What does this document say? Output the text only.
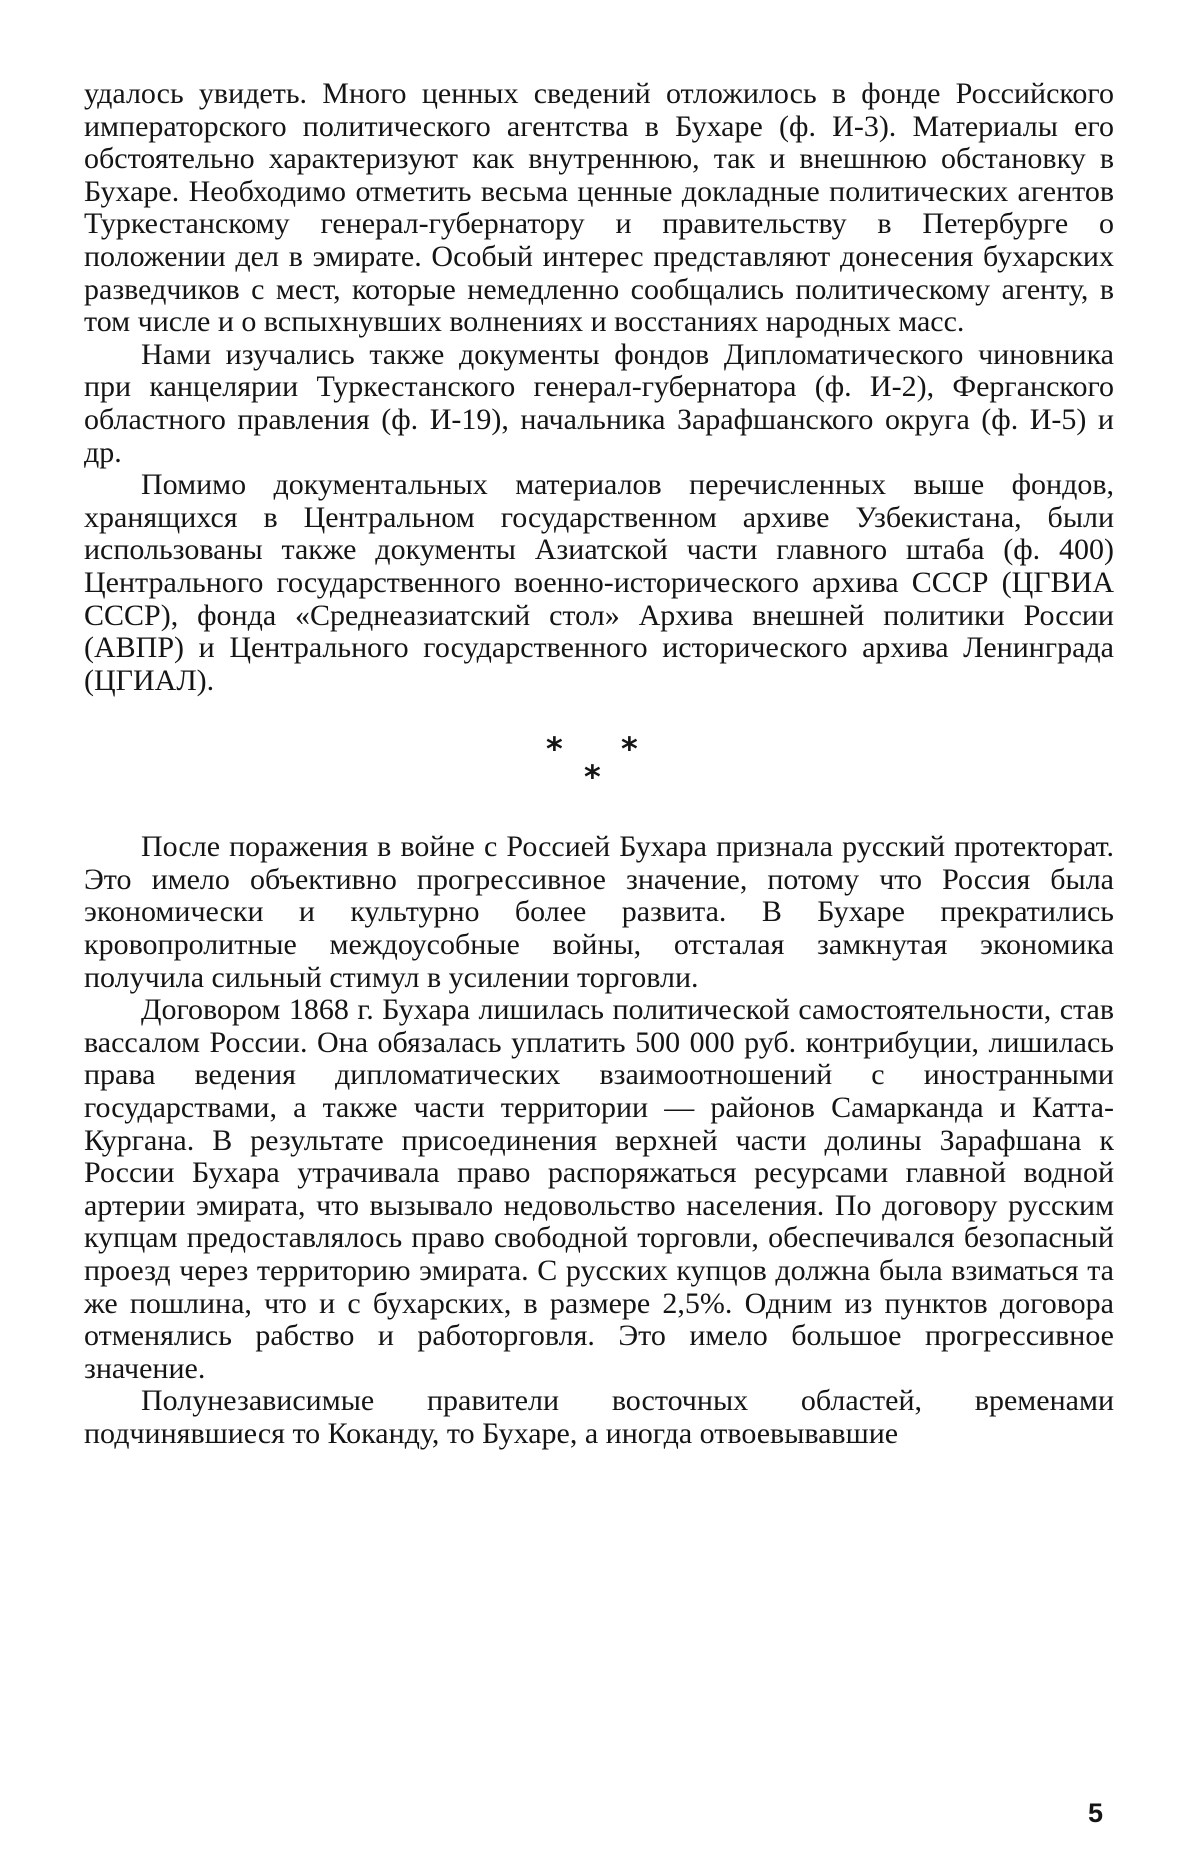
удалось увидеть. Много ценных сведений отложилось в фонде Российского императорского политического агентства в Бухаре (ф. И-3). Материалы его обстоятельно характеризуют как внутреннюю, так и внешнюю обстановку в Бухаре. Необходимо отметить весьма ценные докладные политических агентов Туркестанскому генерал-губернатору и правительству в Петербурге о положении дел в эмирате. Особый интерес представляют донесения бухарских разведчиков с мест, которые немедленно сообщались политическому агенту, в том числе и о вспыхнувших волнениях и восстаниях народных масс.

Нами изучались также документы фондов Дипломатического чиновника при канцелярии Туркестанского генерал-губернатора (ф. И-2), Ферганского областного правления (ф. И-19), начальника Зарафшанского округа (ф. И-5) и др.

Помимо документальных материалов перечисленных выше фондов, хранящихся в Центральном государственном архиве Узбекистана, были использованы также документы Азиатской части главного штаба (ф. 400) Центрального государственного военно-исторического архива СССР (ЦГВИА СССР), фонда «Среднеазиатский стол» Архива внешней политики России (АВПР) и Центрального государственного исторического архива Ленинграда (ЦГИАЛ).

* *
*

После поражения в войне с Россией Бухара признала русский протекторат. Это имело объективно прогрессивное значение, потому что Россия была экономически и культурно более развита. В Бухаре прекратились кровопролитные междоусобные войны, отсталая замкнутая экономика получила сильный стимул в усилении торговли.

Договором 1868 г. Бухара лишилась политической самостоятельности, став вассалом России. Она обязалась уплатить 500 000 руб. контрибуции, лишилась права ведения дипломатических взаимоотношений с иностранными государствами, а также части территории — районов Самарканда и Катта-Кургана. В результате присоединения верхней части долины Зарафшана к России Бухара утрачивала право распоряжаться ресурсами главной водной артерии эмирата, что вызывало недовольство населения. По договору русским купцам предоставлялось право свободной торговли, обеспечивался безопасный проезд через территорию эмирата. С русских купцов должна была взиматься та же пошлина, что и с бухарских, в размере 2,5%. Одним из пунктов договора отменялись рабство и работорговля. Это имело большое прогрессивное значение.

Полунезависимые правители восточных областей, временами подчинявшиеся то Коканду, то Бухаре, а иногда отвоевывавшие

5
